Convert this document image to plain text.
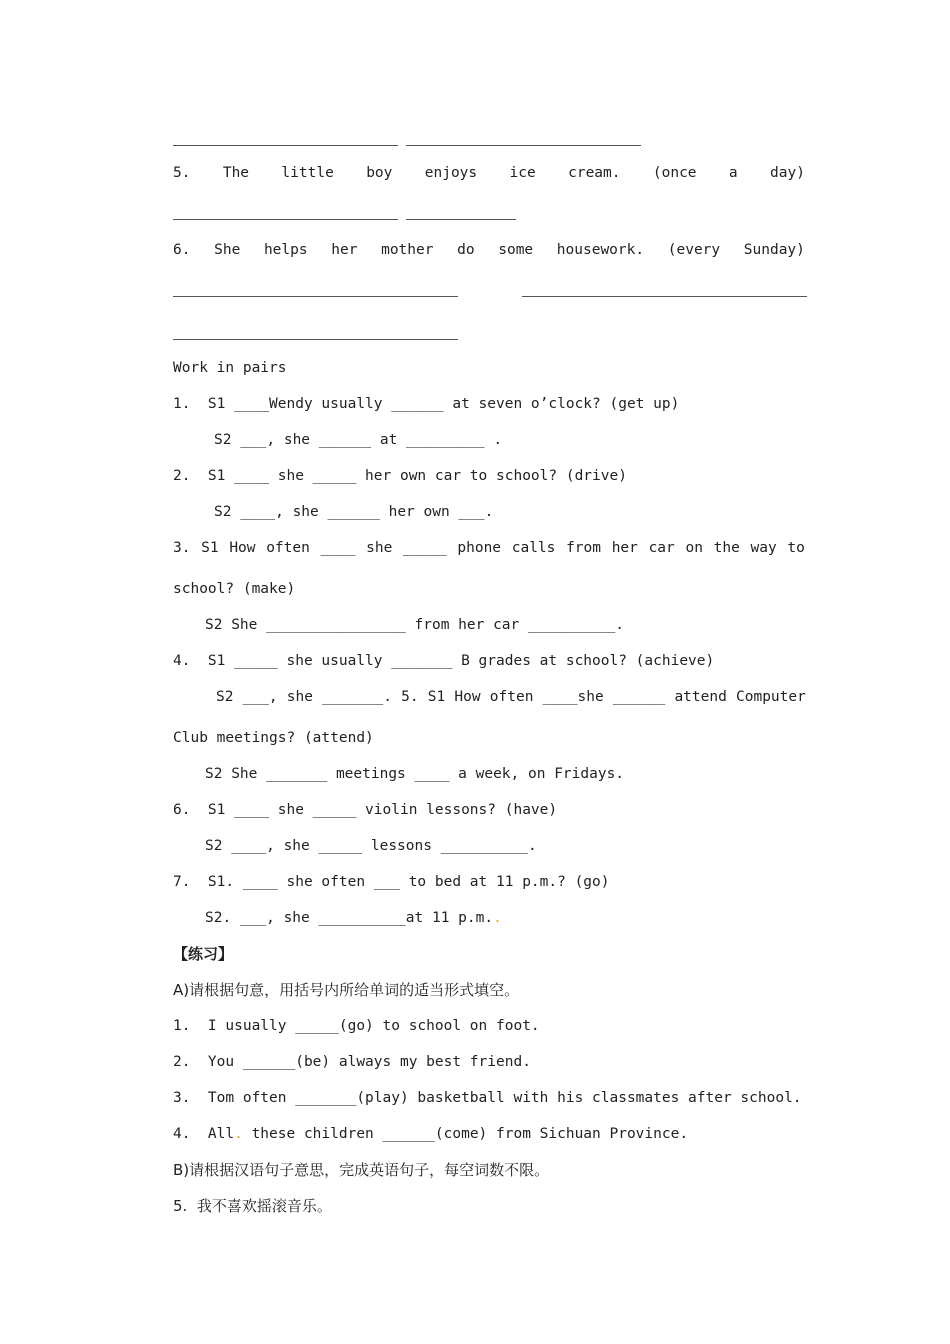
5. The little boy enjoys ice cream. (once a day)
6. She helps her mother do some housework. (every Sunday)
Work in pairs
1.  S1 ____Wendy usually ______ at seven o’clock? (get up)
S2 ___, she ______ at _________ .
2.  S1 ____ she _____ her own car to school? (drive)
S2 ____, she ______ her own ___.
3. S1 How often ____ she _____ phone calls from her car on the way to
school? (make)
S2 She ________________ from her car __________.
4.  S1 _____ she usually _______ B grades at school? (achieve)
S2 ___, she _______. 5. S1 How often ____she ______ attend Computer
Club meetings? (attend)
S2 She _______ meetings ____ a week, on Fridays.
6.  S1 ____ she _____ violin lessons? (have)
S2 ____, she _____ lessons __________.
7.  S1. ____ she often ___ to bed at 11 p.m.? (go)
S2. ___, she __________at 11 p.m..
【练习】
A)请根据句意，用括号内所给单词的适当形式填空。
1.  I usually _____(go) to school on foot.
2.  You ______(be) always my best friend.
3.  Tom often _______(play) basketball with his classmates after school.
4.  All. these children ______(come) from Sichuan Province.
B)请根据汉语句子意思，完成英语句子，每空词数不限。
5.  我不喜欢摇滚音乐。
